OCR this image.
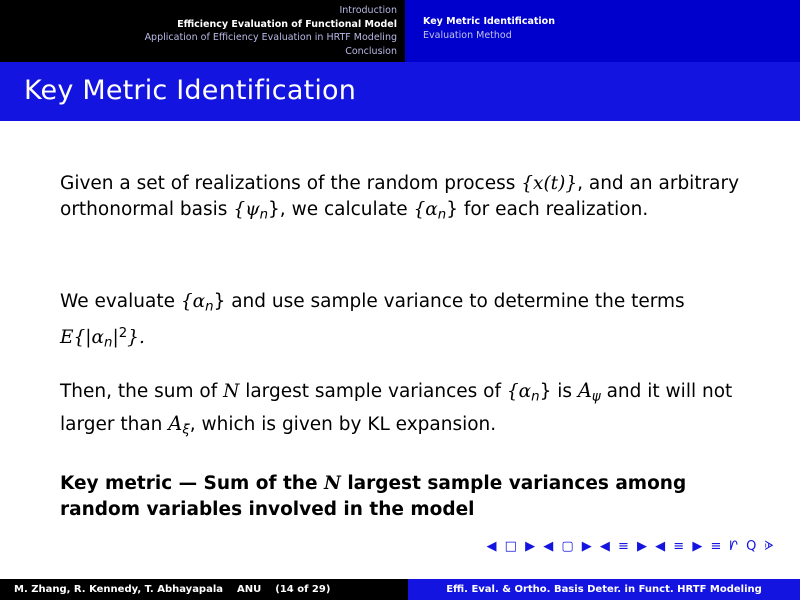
Introduction
Efficiency Evaluation of Functional Model
Application of Efficiency Evaluation in HRTF Modeling
Conclusion
Key Metric Identification
Evaluation Method
Key Metric Identification
Given a set of realizations of the random process {x(t)}, and an arbitrary orthonormal basis $\{\psi_n\}$, we calculate $\{\alpha_n\}$ for each realization.
We evaluate $\{\alpha_n\}$ and use sample variance to determine the terms
$E\{|\alpha_n|^2\}$.
Then, the sum of N largest sample variances of $\{\alpha_n\}$ is $A_\psi$ and it will not larger than $A_\xi$, which is given by KL expansion.
Key metric — Sum of the N largest sample variances among random variables involved in the model
◀ □ ▶ ◀ ▢ ▶ ◀ ≡ ▶ ◀ ≡ ▶ ≡ ᗁ Q ᗇ
M. Zhang, R. Kennedy, T. Abhayapala ANU (14 of 29)	Effi. Eval. & Ortho. Basis Deter. in Funct. HRTF Modeling
